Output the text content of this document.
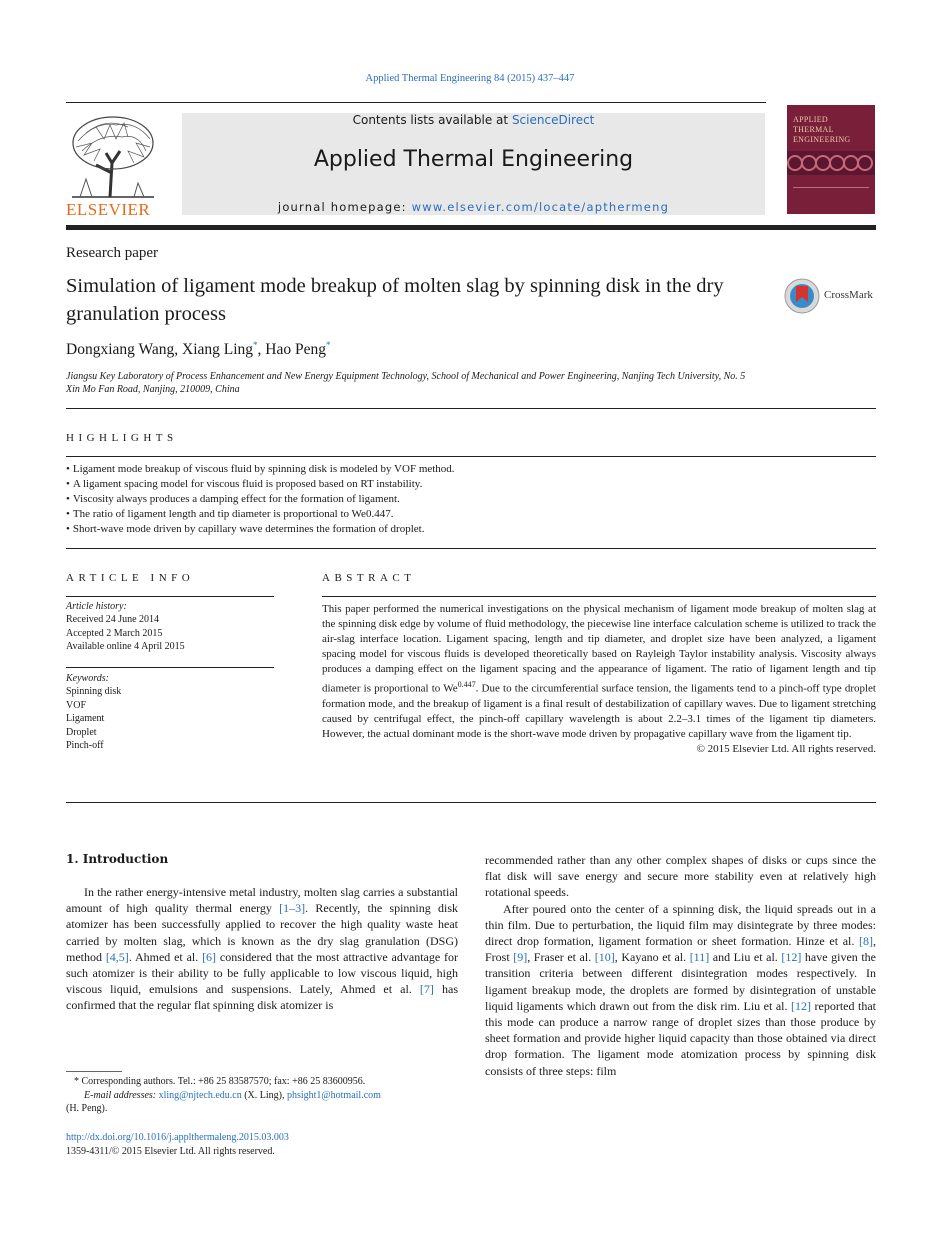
Applied Thermal Engineering 84 (2015) 437–447
ELSEVIER
Contents lists available at ScienceDirect
Applied Thermal Engineering
journal homepage: www.elsevier.com/locate/apthermeng
APPLIED
THERMAL
ENGINEERING
Research paper
Simulation of ligament mode breakup of molten slag by spinning disk in the dry granulation process
CrossMark
Dongxiang Wang, Xiang Ling*, Hao Peng*
Jiangsu Key Laboratory of Process Enhancement and New Energy Equipment Technology, School of Mechanical and Power Engineering, Nanjing Tech University, No. 5 Xin Mo Fan Road, Nanjing, 210009, China
HIGHLIGHTS
• Ligament mode breakup of viscous fluid by spinning disk is modeled by VOF method.
• A ligament spacing model for viscous fluid is proposed based on RT instability.
• Viscosity always produces a damping effect for the formation of ligament.
• The ratio of ligament length and tip diameter is proportional to We0.447.
• Short-wave mode driven by capillary wave determines the formation of droplet.
ARTICLE INFO
Article history:
Received 24 June 2014
Accepted 2 March 2015
Available online 4 April 2015
Keywords:
Spinning disk
VOF
Ligament
Droplet
Pinch-off
ABSTRACT
This paper performed the numerical investigations on the physical mechanism of ligament mode breakup of molten slag at the spinning disk edge by volume of fluid methodology, the piecewise line interface calculation scheme is utilized to track the air-slag interface location. Ligament spacing, length and tip diameter, and droplet size have been analyzed, a ligament spacing model for viscous fluids is developed theoretically based on Rayleigh Taylor instability analysis. Viscosity always produces a damping effect on the ligament spacing and the appearance of ligament. The ratio of ligament length and tip diameter is proportional to $We^{0.447}$. Due to the circumferential surface tension, the ligaments tend to a pinch-off type droplet formation mode, and the breakup of ligament is a final result of destabilization of capillary waves. Due to ligament stretching caused by centrifugal effect, the pinch-off capillary wavelength is about 2.2–3.1 times of the ligament tip diameters. However, the actual dominant mode is the short-wave mode driven by propagative capillary wave from the ligament tip.
© 2015 Elsevier Ltd. All rights reserved.
1. Introduction

In the rather energy-intensive metal industry, molten slag carries a substantial amount of high quality thermal energy [1–3]. Recently, the spinning disk atomizer has been successfully applied to recover the high quality waste heat carried by molten slag, which is known as the dry slag granulation (DSG) method [4,5]. Ahmed et al. [6] considered that the most attractive advantage for such atomizer is their ability to be fully applicable to low viscous liquid, high viscous liquid, emulsions and suspensions. Lately, Ahmed et al. [7] has confirmed that the regular flat spinning disk atomizer is

recommended rather than any other complex shapes of disks or cups since the flat disk will save energy and secure more stability even at relatively high rotational speeds.

After poured onto the center of a spinning disk, the liquid spreads out in a thin film. Due to perturbation, the liquid film may disintegrate by three modes: direct drop formation, ligament formation or sheet formation. Hinze et al. [8], Frost [9], Fraser et al. [10], Kayano et al. [11] and Liu et al. [12] have given the transition criteria between different disintegration modes respectively. In ligament breakup mode, the droplets are formed by disintegration of unstable liquid ligaments which drawn out from the disk rim. Liu et al. [12] reported that this mode can produce a narrow range of droplet sizes than those produce by sheet formation and provide higher liquid capacity than those obtained via direct drop formation. The ligament mode atomization process by spinning disk consists of three steps: film

* Corresponding authors. Tel.: +86 25 83587570; fax: +86 25 83600956.
E-mail addresses: xling@njtech.edu.cn (X. Ling), phsight1@hotmail.com
(H. Peng).
http://dx.doi.org/10.1016/j.applthermaleng.2015.03.003
1359-4311/© 2015 Elsevier Ltd. All rights reserved.
